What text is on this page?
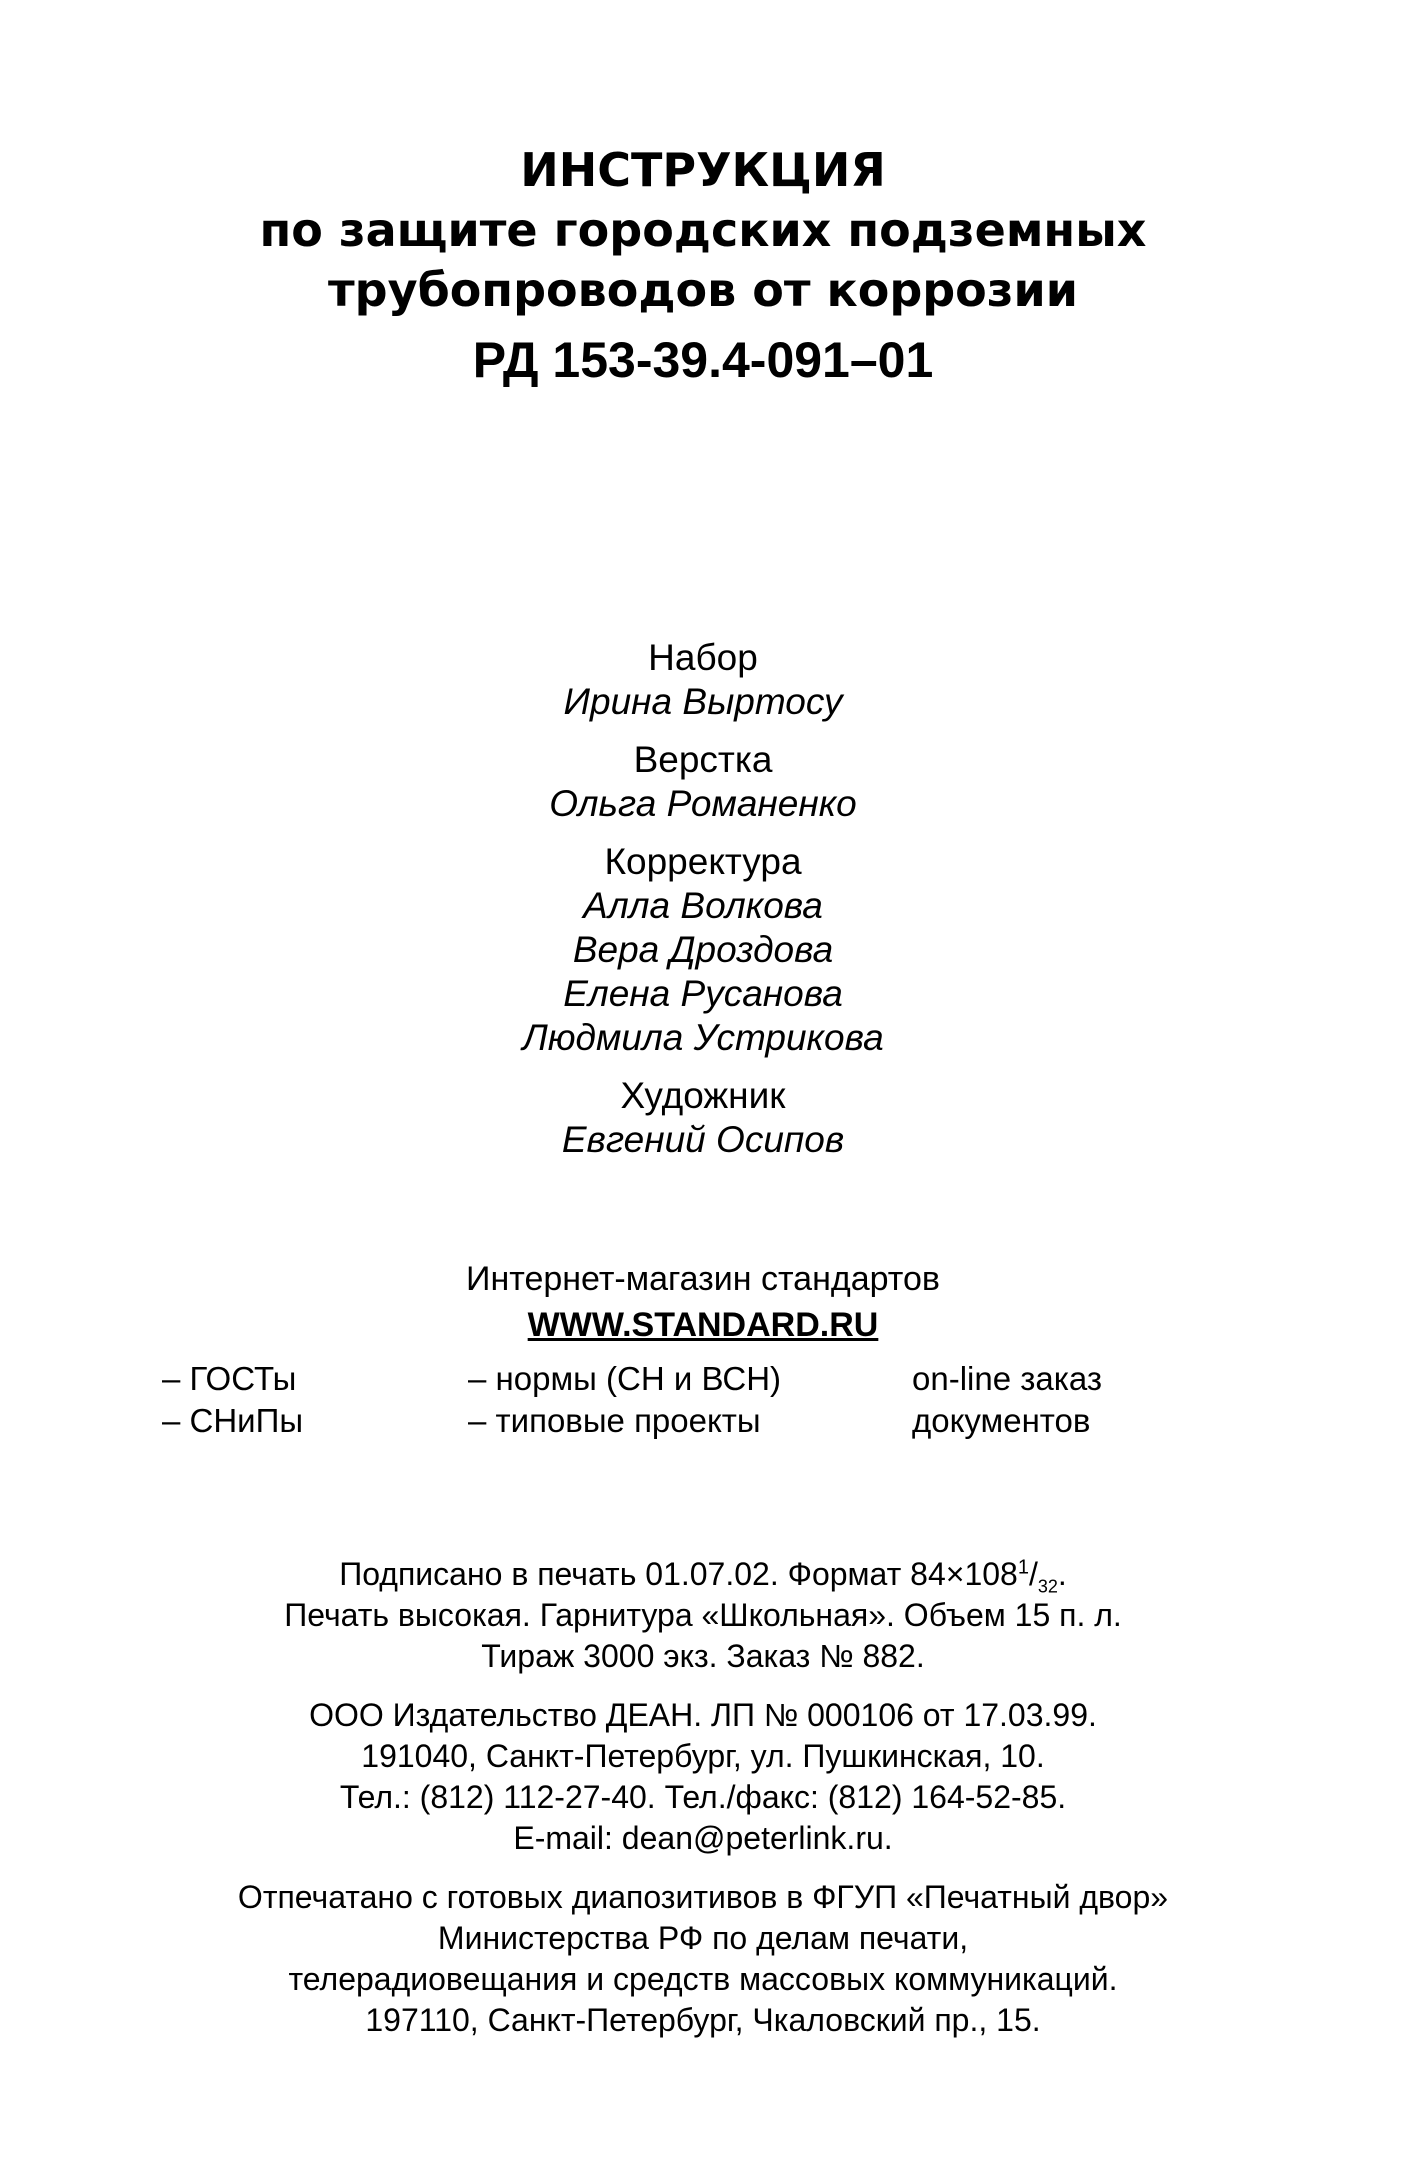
ИНСТРУКЦИЯ
по защите городских подземных
трубопроводов от коррозии
РД 153-39.4-091–01
Набор
Ирина Выртосу
Верстка
Ольга Романенко
Корректура
Алла Волкова
Вера Дроздова
Елена Русанова
Людмила Устрикова
Художник
Евгений Осипов
Интернет-магазин стандартов
WWW.STANDARD.RU
– ГОСТы
– СНиПы
– нормы (СН и ВСН)
– типовые проекты
on-line заказ
документов
Подписано в печать 01.07.02. Формат $84\times 108^1/_{32}$.
Печать высокая. Гарнитура «Школьная». Объем 15 п. л.
Тираж 3000 экз. Заказ № 882.
ООО Издательство ДЕАН. ЛП № 000106 от 17.03.99.
191040, Санкт-Петербург, ул. Пушкинская, 10.
Тел.: (812) 112-27-40. Тел./факс: (812) 164-52-85.
E-mail: dean@peterlink.ru.
Отпечатано с готовых диапозитивов в ФГУП «Печатный двор»
Министерства РФ по делам печати,
телерадиовещания и средств массовых коммуникаций.
197110, Санкт-Петербург, Чкаловский пр., 15.
